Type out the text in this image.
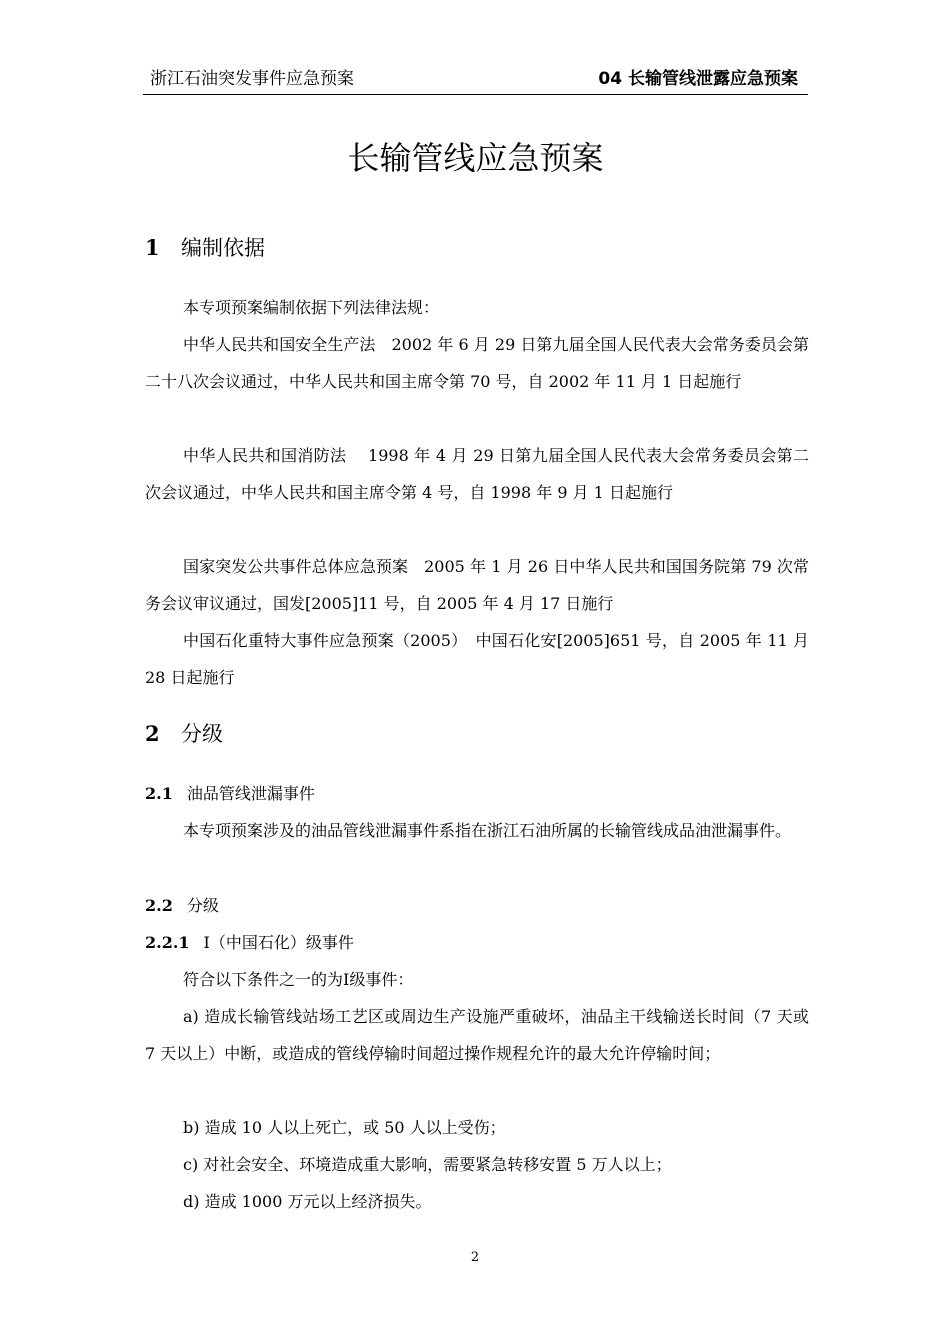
浙江石油突发事件应急预案	04 长输管线泄露应急预案
长输管线应急预案
1 编制依据

本专项预案编制依据下列法律法规：

中华人民共和国安全生产法　2002 年 6 月 29 日第九届全国人民代表大会常务委员会第二十八次会议通过，中华人民共和国主席令第 70 号，自 2002 年 11 月 1 日起施行

中华人民共和国消防法　 1998 年 4 月 29 日第九届全国人民代表大会常务委员会第二次会议通过，中华人民共和国主席令第 4 号，自 1998 年 9 月 1 日起施行

国家突发公共事件总体应急预案　2005 年 1 月 26 日中华人民共和国国务院第 79 次常务会议审议通过，国发[2005]11 号，自 2005 年 4 月 17 日施行

中国石化重特大事件应急预案（2005）　中国石化安[2005]651 号，自 2005 年 11 月 28 日起施行

2 分级
2.1 油品管线泄漏事件

本专项预案涉及的油品管线泄漏事件系指在浙江石油所属的长输管线成品油泄漏事件。

2.2 分级
2.2.1 Ⅰ（中国石化）级事件

符合以下条件之一的为Ⅰ级事件：

a) 造成长输管线站场工艺区或周边生产设施严重破坏，油品主干线输送长时间（7 天或 7 天以上）中断，或造成的管线停输时间超过操作规程允许的最大允许停输时间；

b) 造成 10 人以上死亡，或 50 人以上受伤；

c) 对社会安全、环境造成重大影响，需要紧急转移安置 5 万人以上；

d) 造成 1000 万元以上经济损失。

2
